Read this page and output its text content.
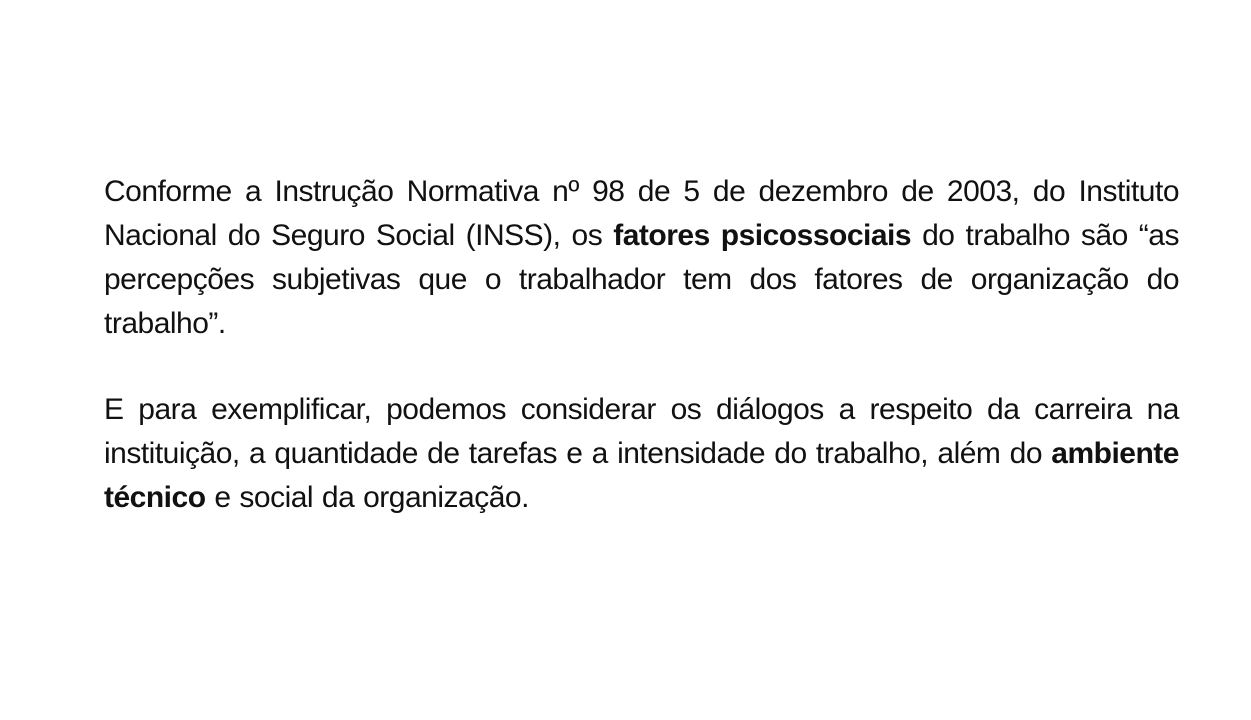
Conforme a Instrução Normativa nº 98 de 5 de dezembro de 2003, do Instituto Nacional do Seguro Social (INSS), os fatores psicossociais do trabalho são “as percepções subjetivas que o trabalhador tem dos fatores de organização do trabalho”.

E para exemplificar, podemos considerar os diálogos a respeito da carreira na instituição, a quantidade de tarefas e a intensidade do trabalho, além do ambiente técnico e social da organização.
